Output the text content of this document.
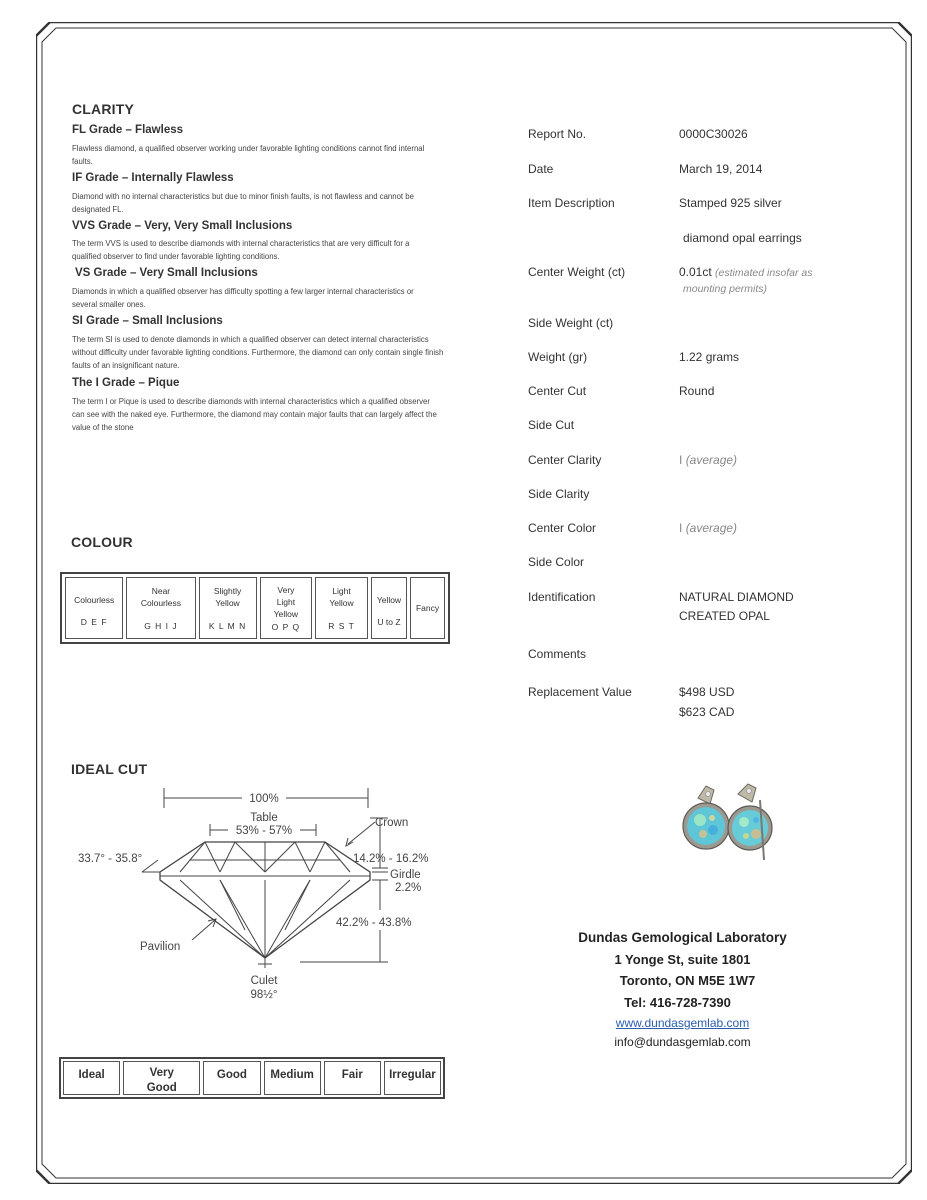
CLARITY
FL Grade – Flawless
Flawless diamond, a qualified observer working under favorable lighting conditions cannot find internal faults.
IF Grade – Internally Flawless
Diamond with no internal characteristics but due to minor finish faults, is not flawless and cannot be designated FL.
VVS Grade – Very, Very Small Inclusions
The term VVS is used to describe diamonds with internal characteristics that are very difficult for a qualified observer to find under favorable lighting conditions.
VS Grade – Very Small Inclusions
Diamonds in which a qualified observer has difficulty spotting a few larger internal characteristics or several smaller ones.
SI Grade – Small Inclusions
The term SI is used to denote diamonds in which a qualified observer can detect internal characteristics without difficulty under favorable lighting conditions. Furthermore, the diamond can only contain single finish faults of an insignificant nature.
The I Grade – Pique
The term I or Pique is used to describe diamonds with internal characteristics which a qualified observer can see with the naked eye. Furthermore, the diamond may contain major faults that can largely affect the value of the stone
COLOUR
Colourless
D E F

Near Colourless
G H I J

Slightly Yellow
K L M N

Very Light Yellow
O P Q

Light Yellow
R S T

Yellow
U to Z

Fancy
IDEAL CUT
100%
Table
53% - 57%
Crown
33.7° - 35.8°	14.2% - 16.2%
Girdle
2.2%
42.2% - 43.8%
Pavilion
Culet
98½°
Ideal	Very Good
Good	Medium	Fair	Irregular
Report No.	0000C30026
Date	March 19, 2014
Item Description	Stamped 925 silver
diamond opal earrings
Center Weight (ct)	0.01ct (estimated insofar as
mounting permits)
Side Weight (ct)
Weight (gr)	1.22 grams
Center Cut	Round
Side Cut
Center Clarity	I (average)
Side Clarity
Center Color	I (average)
Side Color
Identification	NATURAL DIAMOND
CREATED OPAL
Comments
Replacement Value	$498 USD
$623 CAD
Dundas Gemological Laboratory
1 Yonge St, suite 1801
Toronto, ON M5E 1W7
Tel: 416-728-7390
www.dundasgemlab.com
info@dundasgemlab.com
